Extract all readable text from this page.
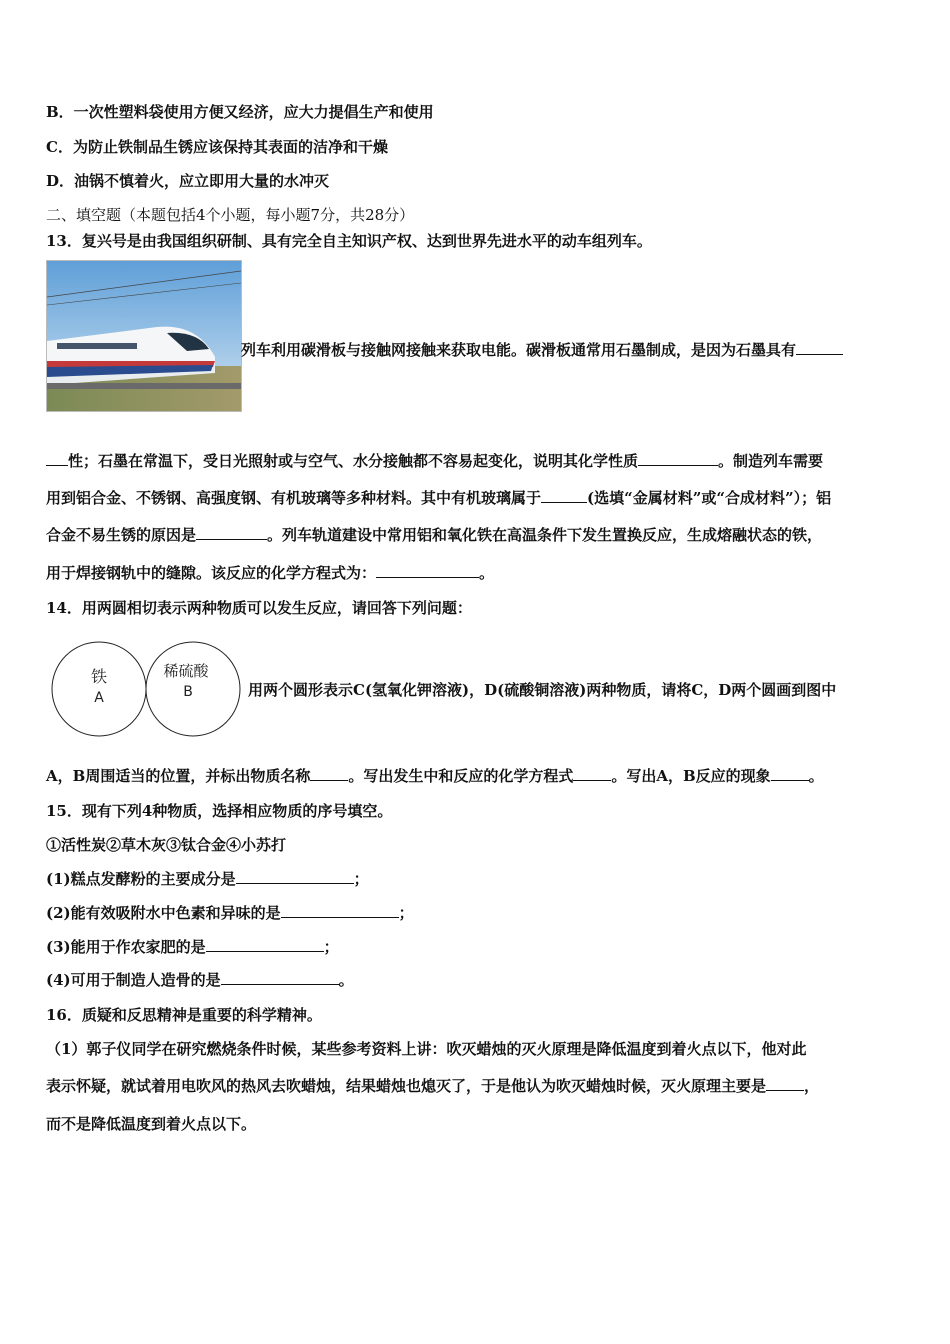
B．一次性塑料袋使用方便又经济，应大力提倡生产和使用
C．为防止铁制品生锈应该保持其表面的洁净和干燥
D．油锅不慎着火，应立即用大量的水冲灭
二、填空题（本题包括4个小题，每小题7分，共28分）
13．复兴号是由我国组织研制、具有完全自主知识产权、达到世界先进水平的动车组列车。
列车利用碳滑板与接触网接触来获取电能。碳滑板通常用石墨制成，是因为石墨具有
性；石墨在常温下，受日光照射或与空气、水分接触都不容易起变化，说明其化学性质	。制造列车需要
用到铝合金、不锈钢、高强度钢、有机玻璃等多种材料。其中有机玻璃属于	(选填“金属材料”或“合成材料”）；铝
合金不易生锈的原因是	。列车轨道建设中常用铝和氧化铁在高温条件下发生置换反应，生成熔融状态的铁，
用于焊接钢轨中的缝隙。该反应的化学方程式为：	。
14．用两圆相切表示两种物质可以发生反应，请回答下列问题：
铁
A
稀硫酸
B	用两个圆形表示C(氢氧化钾溶液)，D(硫酸铜溶液)两种物质，请将C，D两个圆画到图中
A，B周围适当的位置，并标出物质名称	。写出发生中和反应的化学方程式	。写出A，B反应的现象	。
15．现有下列4种物质，选择相应物质的序号填空。
①活性炭②草木灰③钛合金④小苏打
(1)糕点发酵粉的主要成分是	；
(2)能有效吸附水中色素和异味的是	；
(3)能用于作农家肥的是	；
(4)可用于制造人造骨的是	。
16．质疑和反思精神是重要的科学精神。
（1）郭子仪同学在研究燃烧条件时候，某些参考资料上讲：吹灭蜡烛的灭火原理是降低温度到着火点以下，他对此
表示怀疑，就试着用电吹风的热风去吹蜡烛，结果蜡烛也熄灭了，于是他认为吹灭蜡烛时候，灭火原理主要是	，
而不是降低温度到着火点以下。
